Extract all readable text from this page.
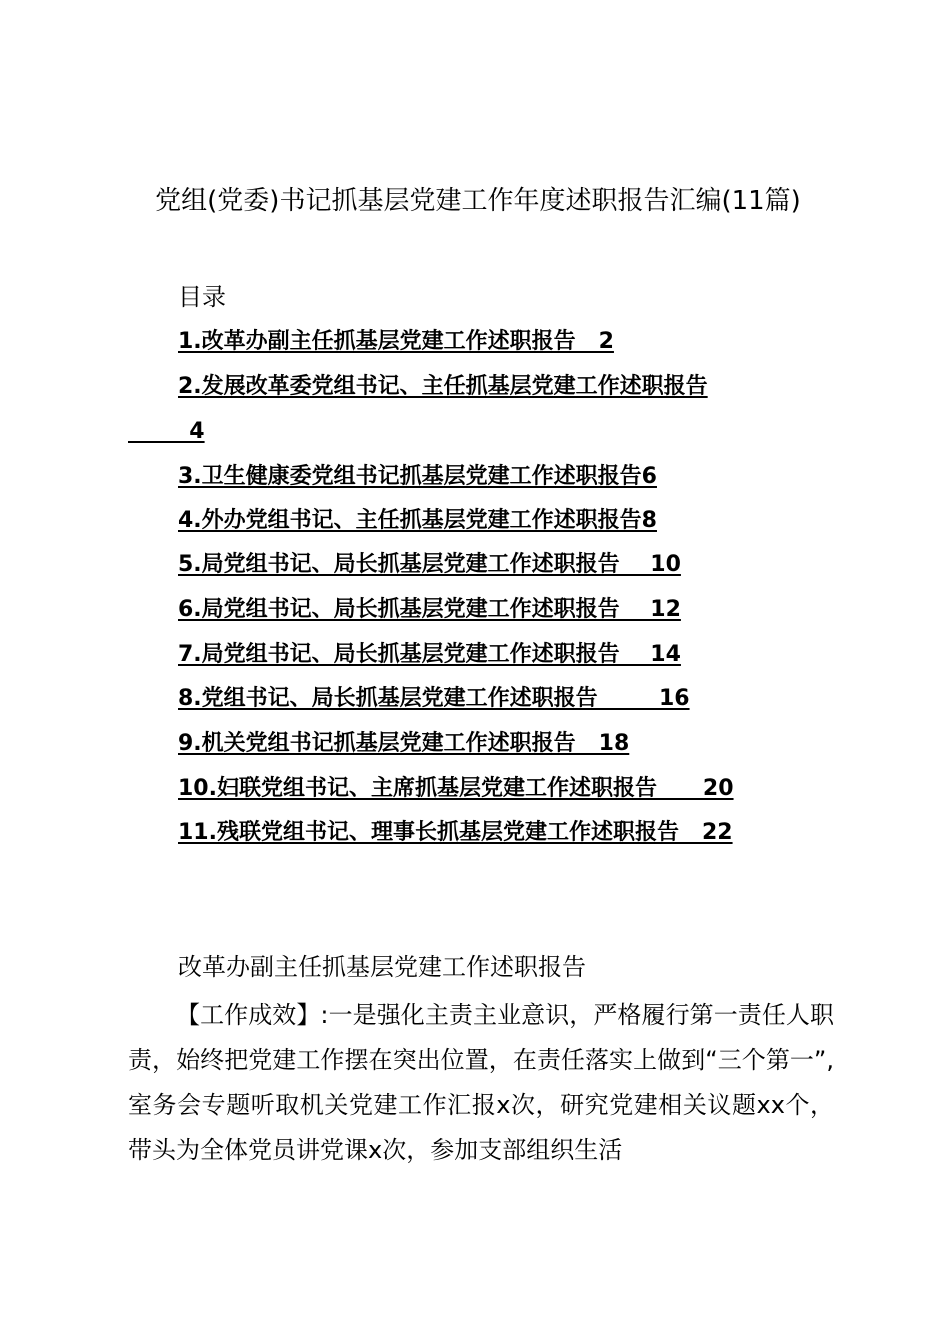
党组(党委)书记抓基层党建工作年度述职报告汇编(11篇)
目录
1.改革办副主任抓基层党建工作述职报告   2
2.发展改革委党组书记、主任抓基层党建工作述职报告
4
3.卫生健康委党组书记抓基层党建工作述职报告6
4.外办党组书记、主任抓基层党建工作述职报告8
5.局党组书记、局长抓基层党建工作述职报告    10
6.局党组书记、局长抓基层党建工作述职报告    12
7.局党组书记、局长抓基层党建工作述职报告    14
8.党组书记、局长抓基层党建工作述职报告        16
9.机关党组书记抓基层党建工作述职报告   18
10.妇联党组书记、主席抓基层党建工作述职报告      20
11.残联党组书记、理事长抓基层党建工作述职报告   22
改革办副主任抓基层党建工作述职报告

【工作成效】:一是强化主责主业意识，严格履行第一责任人职责，始终把党建工作摆在突出位置，在责任落实上做到“三个第一”,室务会专题听取机关党建工作汇报x次，研究党建相关议题xx个，带头为全体党员讲党课x次，参加支部组织生活
